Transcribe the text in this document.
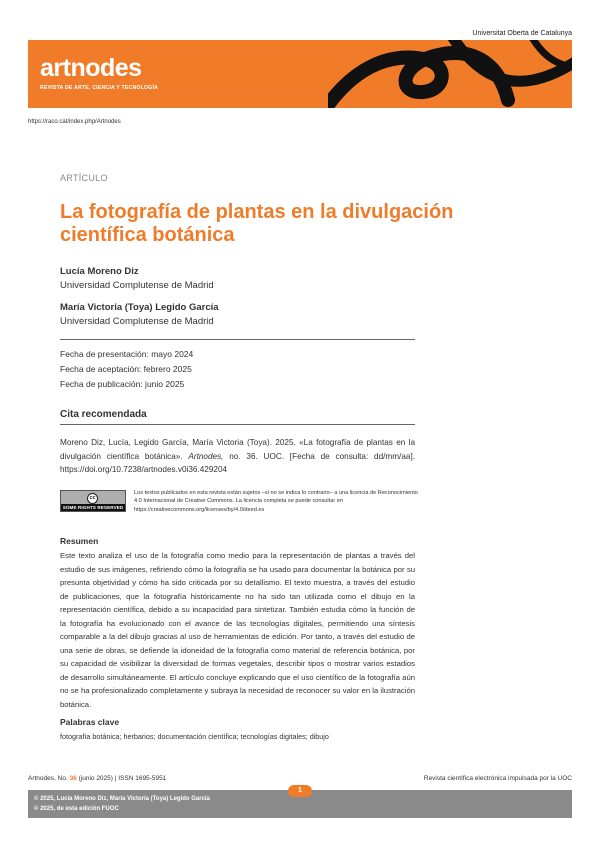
Universitat Oberta de Catalunya
artnodes
REVISTA DE ARTE, CIENCIA Y TECNOLOGÍA
https://raco.cat/index.php/Artnodes
ARTÍCULO
La fotografía de plantas en la divulgación científica botánica
Lucía Moreno Diz
Universidad Complutense de Madrid
María Victoria (Toya) Legido García
Universidad Complutense de Madrid
Fecha de presentación: mayo 2024
Fecha de aceptación: febrero 2025
Fecha de publicación: junio 2025
Cita recomendada
Moreno Diz, Lucía, Legido García, María Victoria (Toya). 2025. «La fotografía de plantas en la divulgación científica botánica». Artnodes, no. 36. UOC. [Fecha de consulta: dd/mm/aa]. https://doi.org/10.7238/artnodes.v0i36.429204
cc
SOME RIGHTS RESERVED
Los textos publicados en esta revista están sujetos –si no se indica lo contrario– a una licencia de Reconocimiento 4.0 Internacional de Creative Commons. La licencia completa se puede consultar en https://creativecommons.org/licenses/by/4.0/deed.es
Resumen
Este texto analiza el uso de la fotografía como medio para la representación de plantas a través del estudio de sus imágenes, refiriendo cómo la fotografía se ha usado para documentar la botánica por su presunta objetividad y cómo ha sido criticada por su detallismo. El texto muestra, a través del estudio de publicaciones, que la fotografía históricamente no ha sido tan utilizada como el dibujo en la representación científica, debido a su incapacidad para sintetizar. También estudia cómo la función de la fotografía ha evolucionado con el avance de las tecnologías digitales, permitiendo una síntesis comparable a la del dibujo gracias al uso de herramientas de edición. Por tanto, a través del estudio de una serie de obras, se defiende la idoneidad de la fotografía como material de referencia botánica, por su capacidad de visibilizar la diversidad de formas vegetales, describir tipos o mostrar varios estadios de desarrollo simultáneamente. El artículo concluye explicando que el uso científico de la fotografía aún no se ha profesionalizado completamente y subraya la necesidad de reconocer su valor en la ilustración botánica.
Palabras clave
fotografía botánica; herbarios; documentación científica; tecnologías digitales; dibujo
Artnodes, No. 36 (junio 2025) | ISSN 1695-5951	Revista científica electrónica impulsada por la UOC
© 2025, Lucía Moreno Diz, María Victoria (Toya) Legido García
© 2025, de esta edición FUOC
1
